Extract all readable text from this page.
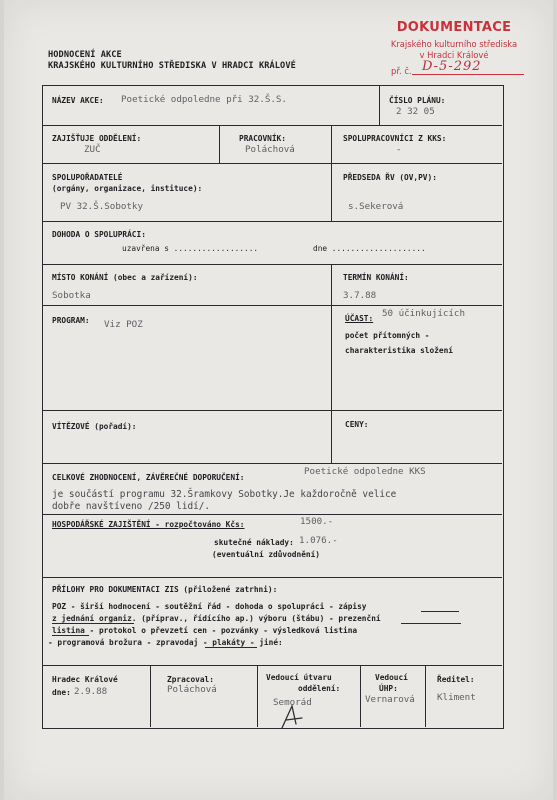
HODNOCENÍ AKCE
KRAJSKÉHO KULTURNÍHO STŘEDISKA V HRADCI KRÁLOVÉ
DOKUMENTACE
Krajského kulturního střediska
v Hradci Králové
př. č. D-5-292
NÁZEV AKCE: Poetické odpoledne při 32.Š.S.	ČÍSLO PLÁNU:
2 32 05
ZAJIŠŤUJE ODDĚLENÍ:
ZUČ
PRACOVNÍK:
Poláchová
SPOLUPRACOVNÍCI Z KKS:
-
SPOLUPOŘADATELÉ
(orgány, organizace, instituce):
PV 32.Š.Sobotky
PŘEDSEDA ŘV (OV,PV):
s.Sekerová
DOHODA O SPOLUPRÁCI:
uzavřena s ..................	dne ....................
MÍSTO KONÁNÍ (obec a zařízení):
Sobotka
TERMÍN KONÁNÍ:
3.7.88
PROGRAM: Viz POZ
ÚČAST: 50 účinkujících
počet přítomných -
charakteristika složení
VÍTĚZOVÉ (pořadí):	CENY:
CELKOVÉ ZHODNOCENÍ, ZÁVĚREČNÉ DOPORUČENÍ:
Poetické odpoledne KKS
je součástí programu 32.Šramkovy Sobotky.Je každoročně velice
dobře navštíveno /250 lidí/.
HOSPODÁŘSKÉ ZAJIŠTĚNÍ - rozpočtováno Kčs:	1500.-
skutečné náklady: 1.076.-
(eventuální zdůvodnění)
PŘÍLOHY PRO DOKUMENTACI ZIS (přiložené zatrhni):
POZ - širší hodnocení - soutěžní řád - dohoda o spolupráci - zápisy
z jednání organiz. (příprav., řídícího ap.) výboru (štábu) - prezenční
listina - protokol o převzetí cen - pozvánky - výsledková listina
- programová brožura - zpravodaj - plakáty - jiné:
Hradec Králové
dne: 2.9.88
Zpracoval:
Poláchová
Vedoucí útvaru
oddělení:
Semorád
Vedoucí
ÚHP:
Vernarová
Ředitel:
Kliment
